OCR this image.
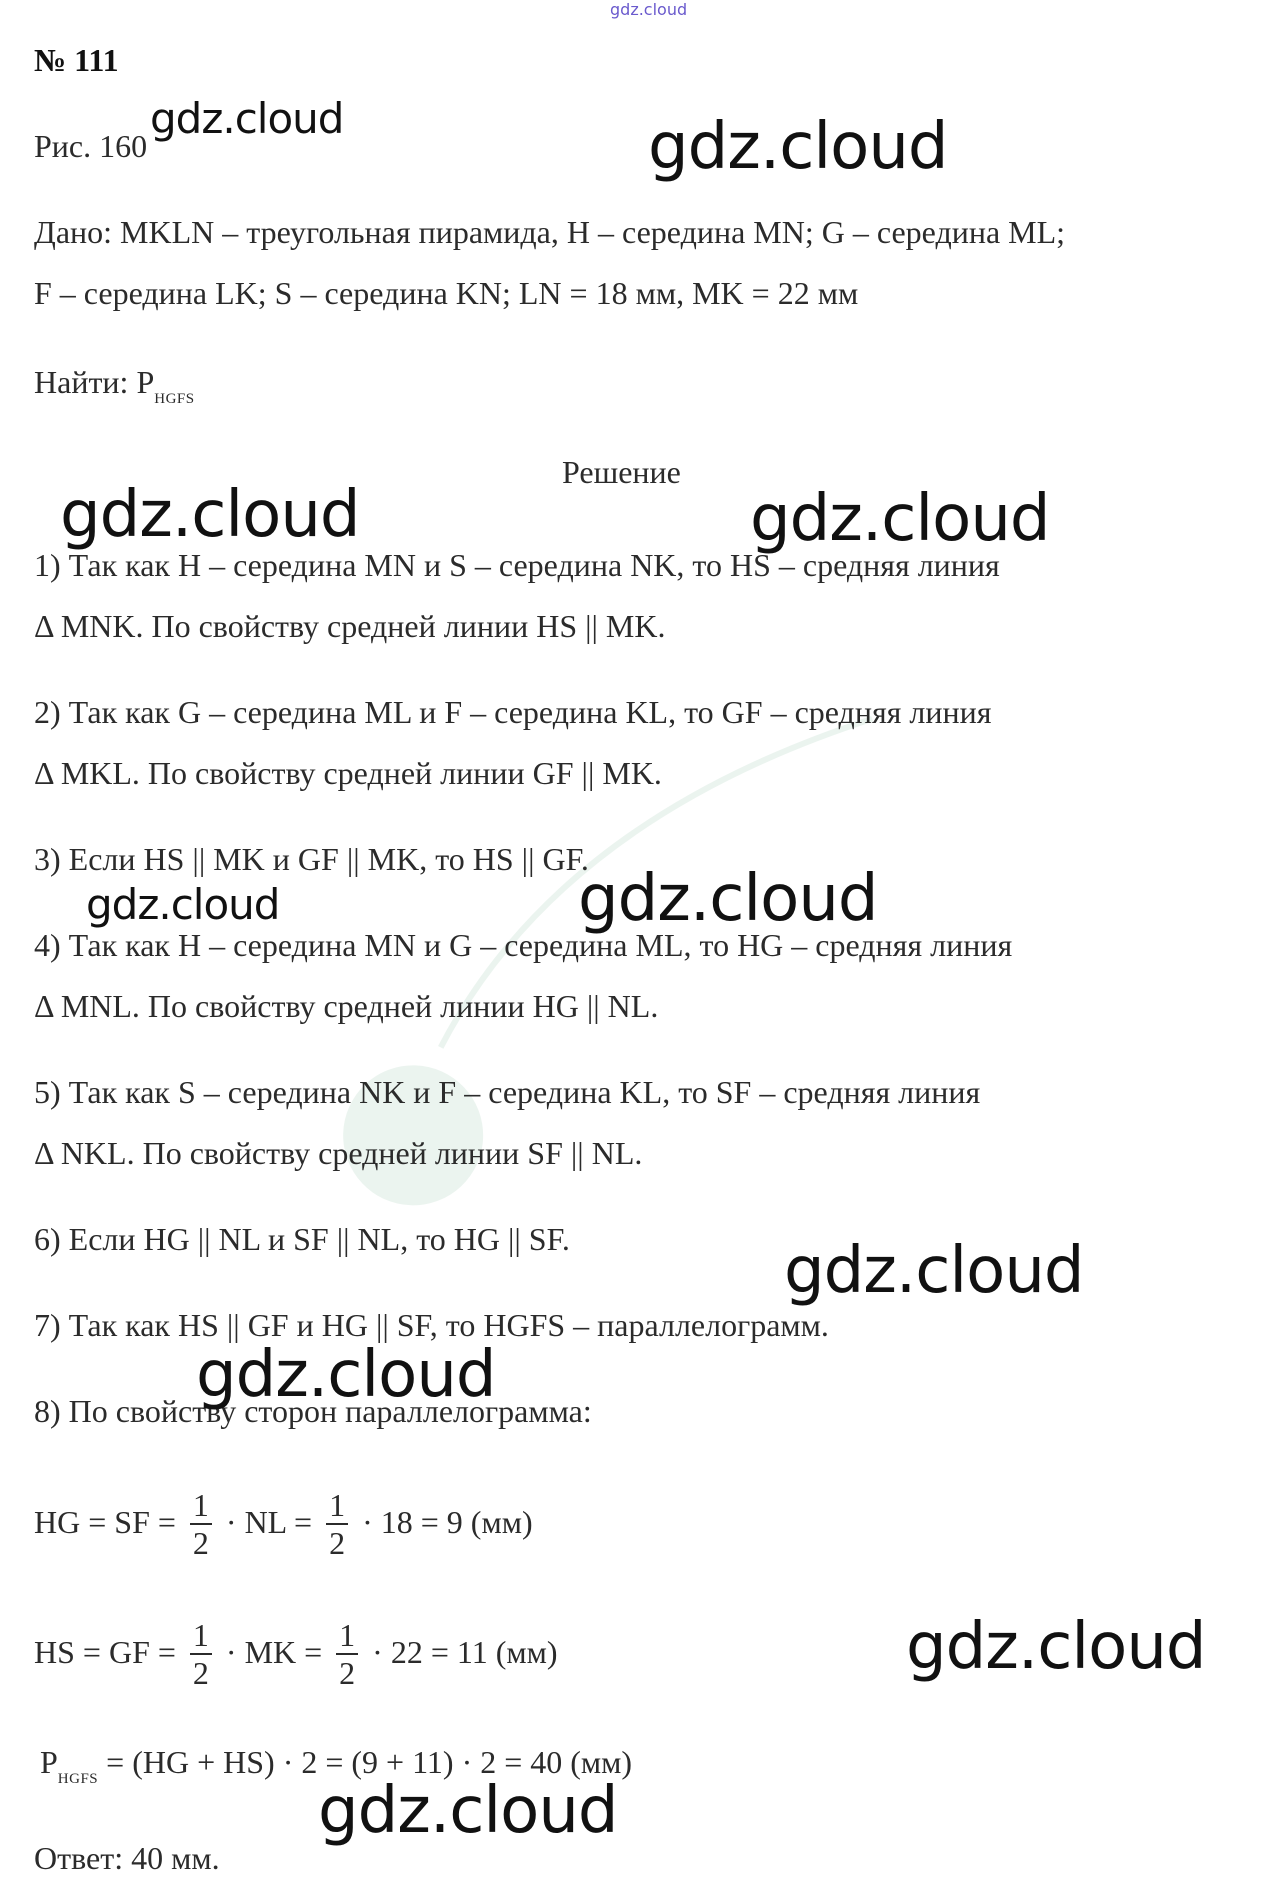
gdz.cloud
№ 111
Рис. 160
Дано: MKLN – треугольная пирамида, H – середина MN; G – середина ML;
F – середина LK; S – середина KN; LN = 18 мм, MK = 22 мм
Найти: $P_{HGFS}$
Решение
1) Так как H – середина MN и S – середина NK, то HS – средняя линия
Δ MNK. По свойству средней линии HS || MK.
2) Так как G – середина ML и F – середина KL, то GF – средняя линия
Δ MKL. По свойству средней линии GF || MK.
3) Если HS || MK и GF || MK, то HS || GF.
4) Так как H – середина MN и G – середина ML, то HG – средняя линия
Δ MNL. По свойству средней линии HG || NL.
5) Так как S – середина NK и F – середина KL, то SF – средняя линия
Δ NKL. По свойству средней линии SF || NL.
6) Если HG || NL и SF || NL, то HG || SF.
7) Так как HS || GF и HG || SF, то HGFS – параллелограмм.
8) По свойству сторон параллелограмма:
HG = SF = $\frac{1}{2}$ · NL = $\frac{1}{2} \cdot 18 = 9$ (мм)
HS = GF = $\frac{1}{2}$ · MK = $\frac{1}{2} \cdot 22 = 11$ (мм)
$P_{HGFS} = (HG + HS) \cdot 2 = (9 + 11) \cdot 2 = 40$ (мм)
Ответ: 40 мм.
gdz.cloud	gdz.cloud
gdz.cloud	gdz.cloud
gdz.cloud	gdz.cloud
gdz.cloud
gdz.cloud
gdz.cloud
gdz.cloud
